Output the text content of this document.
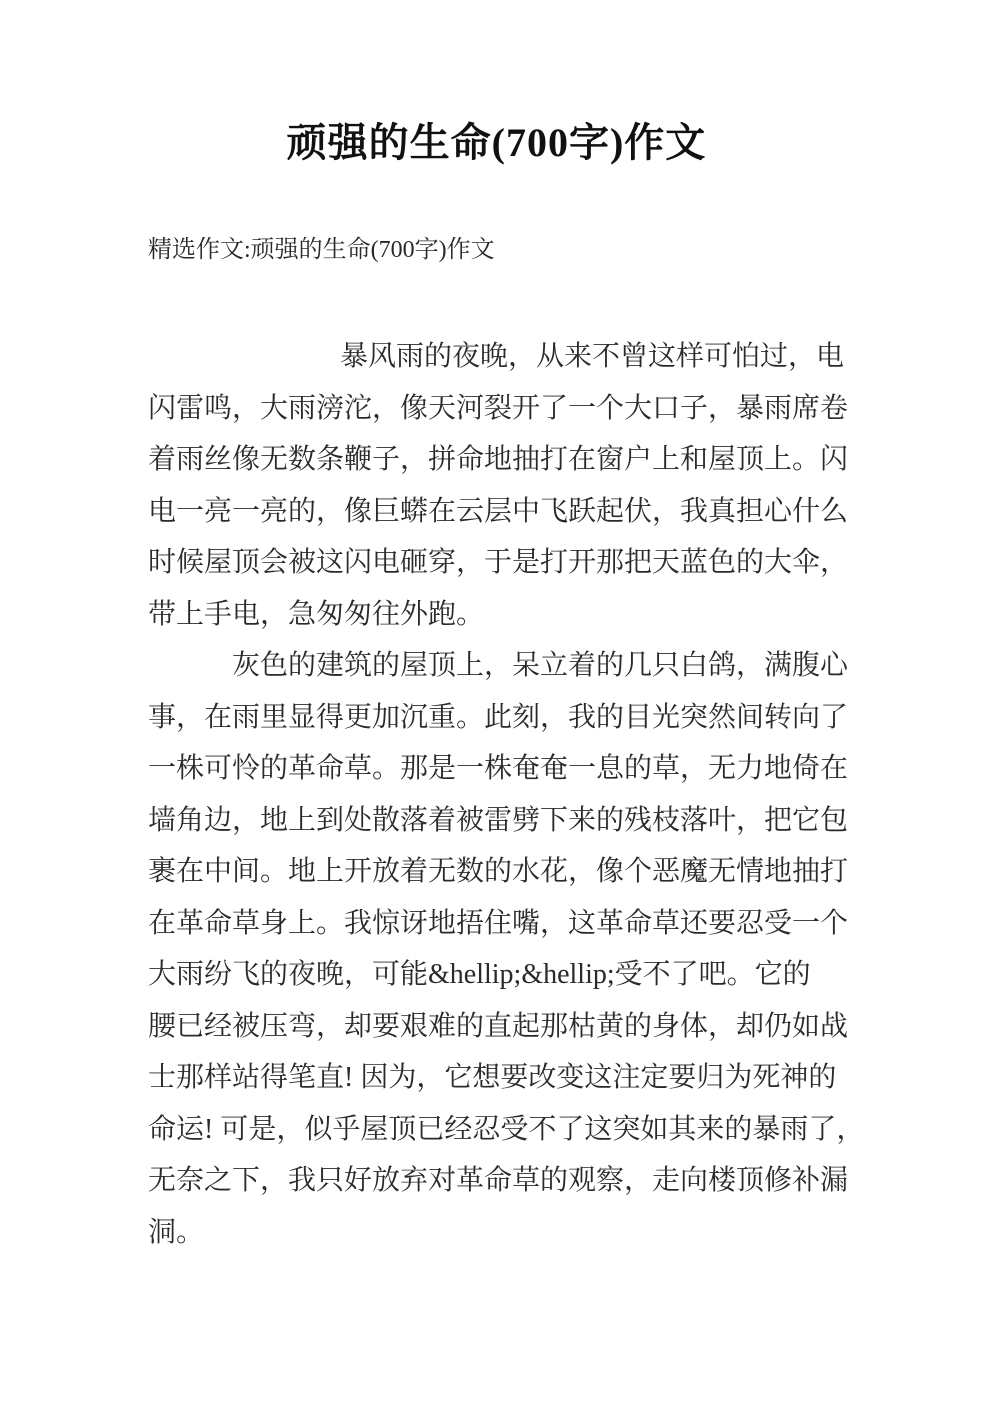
顽强的生命(700字)作文
精选作文:顽强的生命(700字)作文
暴风雨的夜晚，从来不曾这样可怕过，电
闪雷鸣，大雨滂沱，像天河裂开了一个大口子，暴雨席卷
着雨丝像无数条鞭子，拼命地抽打在窗户上和屋顶上。闪
电一亮一亮的，像巨蟒在云层中飞跃起伏，我真担心什么
时候屋顶会被这闪电砸穿，于是打开那把天蓝色的大伞，
带上手电，急匆匆往外跑。
灰色的建筑的屋顶上，呆立着的几只白鸽，满腹心
事，在雨里显得更加沉重。此刻，我的目光突然间转向了
一株可怜的革命草。那是一株奄奄一息的草，无力地倚在
墙角边，地上到处散落着被雷劈下来的残枝落叶，把它包
裹在中间。地上开放着无数的水花，像个恶魔无情地抽打
在革命草身上。我惊讶地捂住嘴，这革命草还要忍受一个
大雨纷飞的夜晚，可能&hellip;&hellip;受不了吧。它的
腰已经被压弯，却要艰难的直起那枯黄的身体，却仍如战
士那样站得笔直! 因为，它想要改变这注定要归为死神的
命运! 可是，似乎屋顶已经忍受不了这突如其来的暴雨了，
无奈之下，我只好放弃对革命草的观察，走向楼顶修补漏
洞。
